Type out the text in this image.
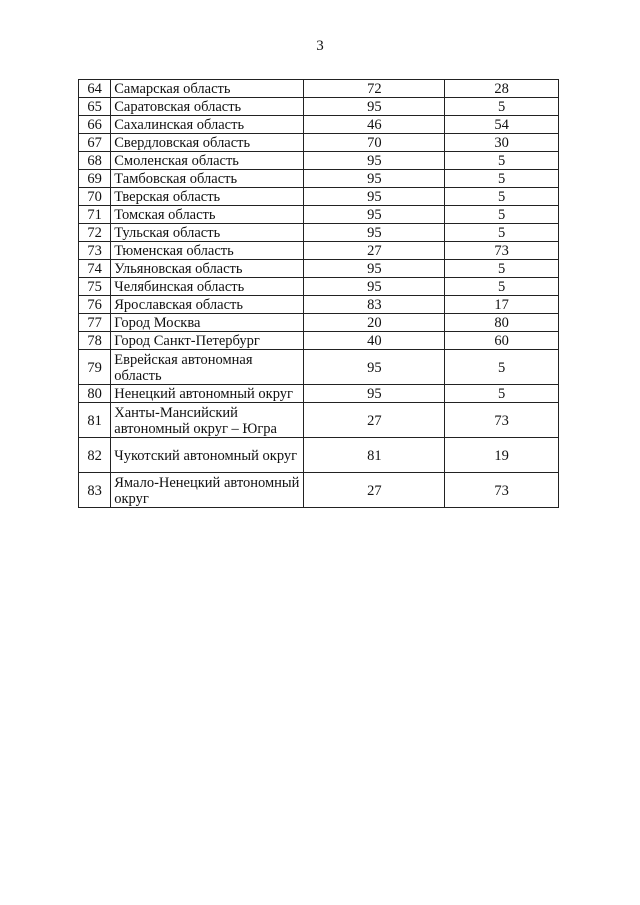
3
64	Самарская область	72	28
65	Саратовская область	95	5
66	Сахалинская область	46	54
67	Свердловская область	70	30
68	Смоленская область	95	5
69	Тамбовская область	95	5
70	Тверская область	95	5
71	Томская область	95	5
72	Тульская область	95	5
73	Тюменская область	27	73
74	Ульяновская область	95	5
75	Челябинская область	95	5
76	Ярославская область	83	17
77	Город Москва	20	80
78	Город Санкт-Петербург	40	60
79	Еврейская автономная область	95	5
80	Ненецкий автономный округ	95	5
81	Ханты-Мансийский автономный округ – Югра	27	73
82	Чукотский автономный округ	81	19
83	Ямало-Ненецкий автономный округ	27	73
